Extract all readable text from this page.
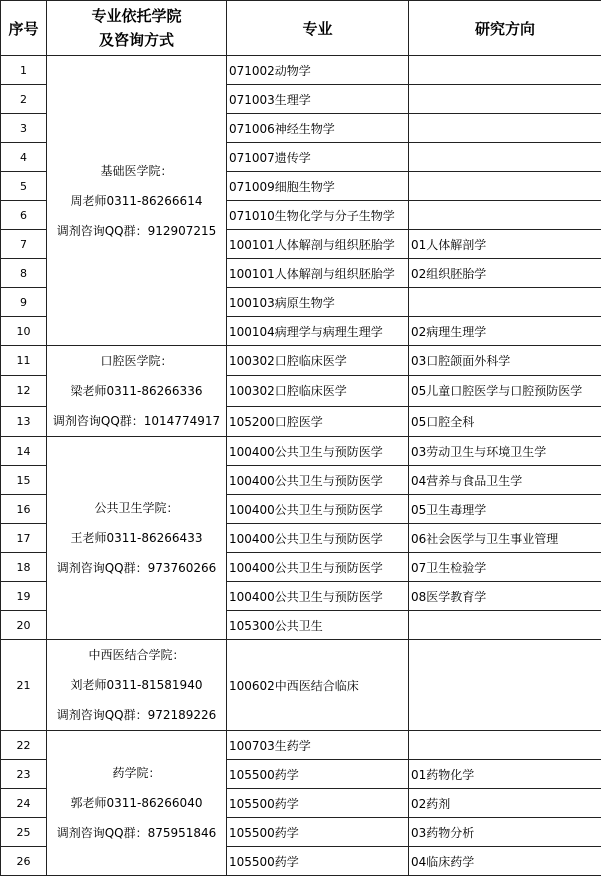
序号	专业依托学院
及咨询方式	专业	研究方向
1	基础医学院：
周老师0311-86266614
调剂咨询QQ群：912907215	071002动物学	
2		071003生理学	
3		071006神经生物学	
4		071007遗传学	
5		071009细胞生物学	
6		071010生物化学与分子生物学	
7		100101人体解剖与组织胚胎学	01人体解剖学
8		100101人体解剖与组织胚胎学	02组织胚胎学
9		100103病原生物学	
10		100104病理学与病理生理学	02病理生理学
11	口腔医学院：
梁老师0311-86266336
调剂咨询QQ群：1014774917	100302口腔临床医学	03口腔颌面外科学
12		100302口腔临床医学	05儿童口腔医学与口腔预防医学
13		105200口腔医学	05口腔全科
14	公共卫生学院：
王老师0311-86266433
调剂咨询QQ群：973760266	100400公共卫生与预防医学	03劳动卫生与环境卫生学
15		100400公共卫生与预防医学	04营养与食品卫生学
16		100400公共卫生与预防医学	05卫生毒理学
17		100400公共卫生与预防医学	06社会医学与卫生事业管理
18		100400公共卫生与预防医学	07卫生检验学
19		100400公共卫生与预防医学	08医学教育学
20		105300公共卫生	
21	中西医结合学院：
刘老师0311-81581940
调剂咨询QQ群：972189226	100602中西医结合临床	
22	药学院：
郭老师0311-86266040
调剂咨询QQ群：875951846	100703生药学	
23		105500药学	01药物化学
24		105500药学	02药剂
25		105500药学	03药物分析
26		105500药学	04临床药学
